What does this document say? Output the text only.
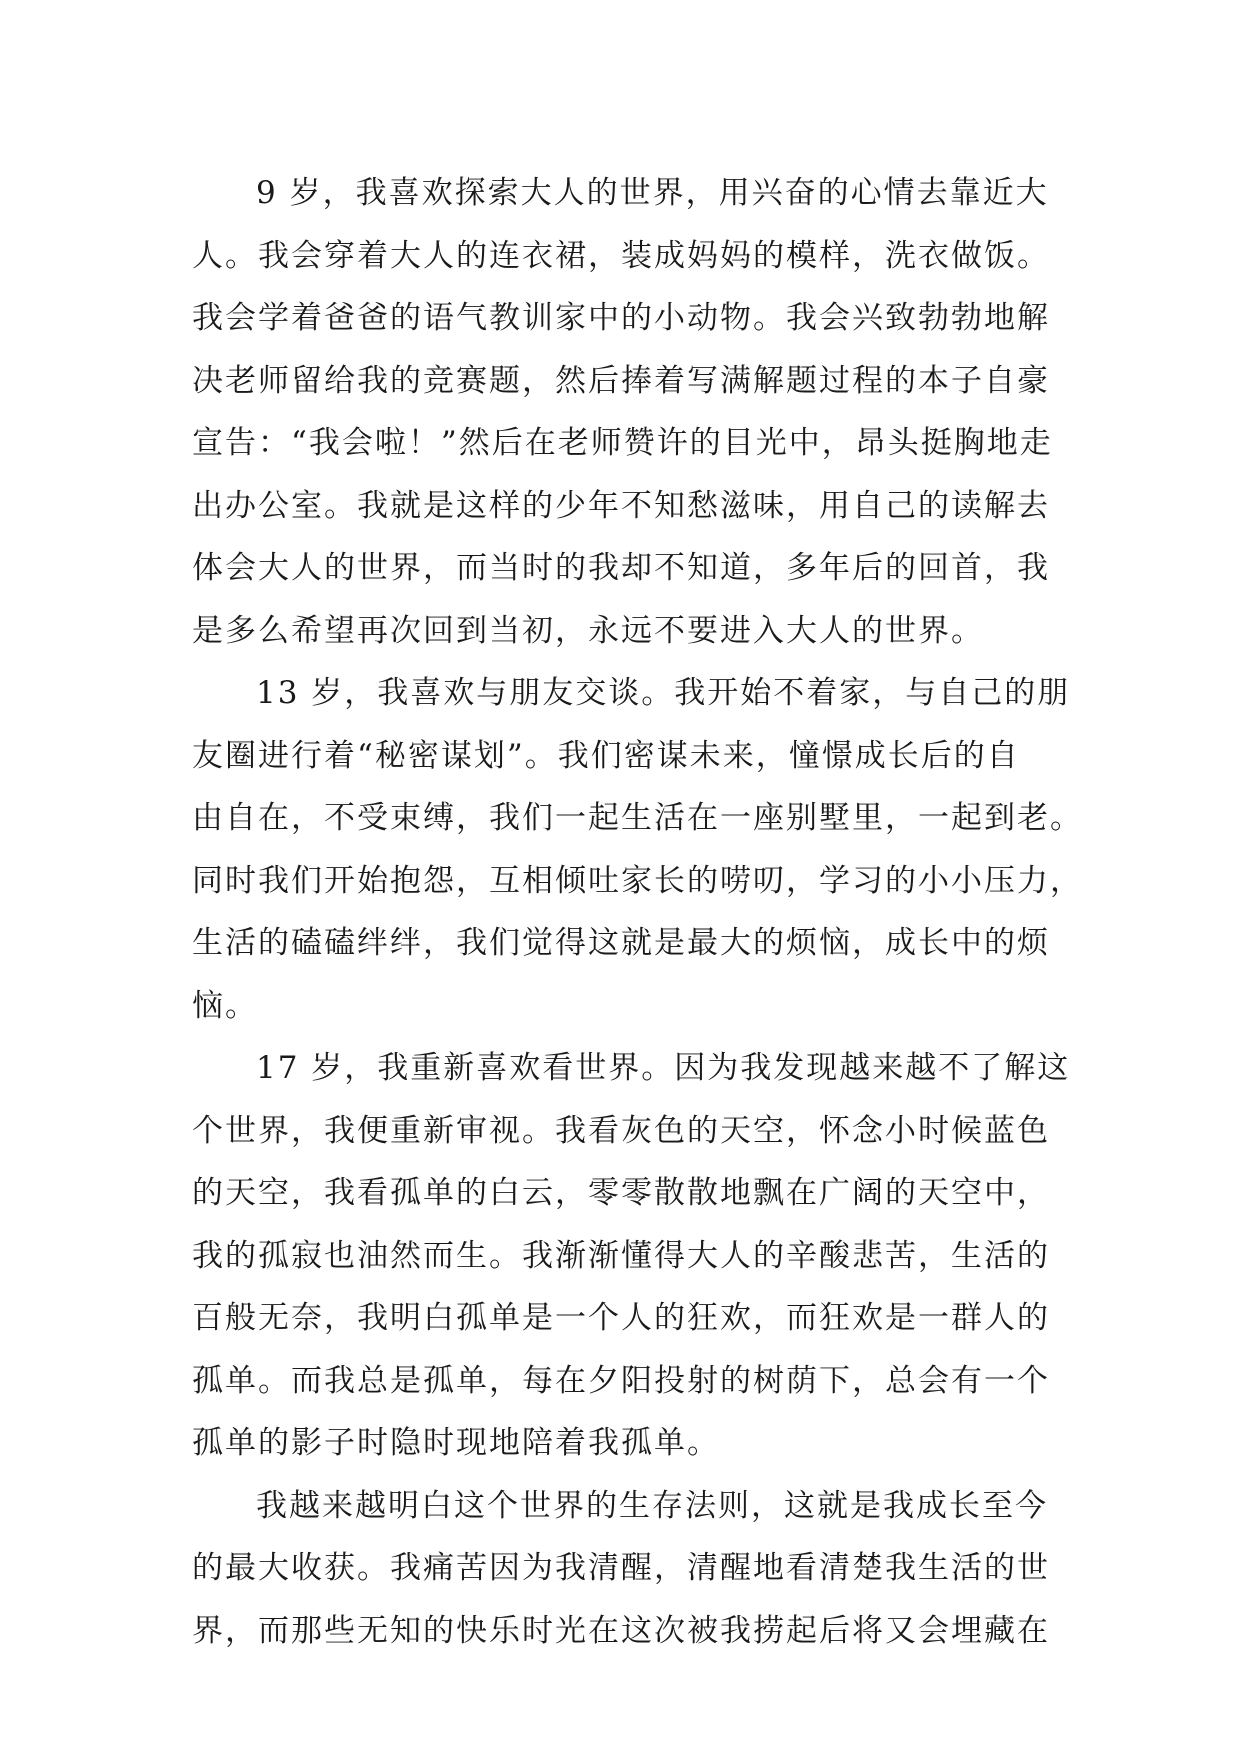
9 岁，我喜欢探索大人的世界，用兴奋的心情去靠近大
人。我会穿着大人的连衣裙，装成妈妈的模样，洗衣做饭。
我会学着爸爸的语气教训家中的小动物。我会兴致勃勃地解
决老师留给我的竞赛题，然后捧着写满解题过程的本子自豪
宣告：“我会啦！”然后在老师赞许的目光中，昂头挺胸地走
出办公室。我就是这样的少年不知愁滋味，用自己的读解去
体会大人的世界，而当时的我却不知道，多年后的回首，我
是多么希望再次回到当初，永远不要进入大人的世界。
13 岁，我喜欢与朋友交谈。我开始不着家，与自己的朋
友圈进行着“秘密谋划”。我们密谋未来，憧憬成长后的自
由自在，不受束缚，我们一起生活在一座别墅里，一起到老。
同时我们开始抱怨，互相倾吐家长的唠叨，学习的小小压力，
生活的磕磕绊绊，我们觉得这就是最大的烦恼，成长中的烦
恼。
17 岁，我重新喜欢看世界。因为我发现越来越不了解这
个世界，我便重新审视。我看灰色的天空，怀念小时候蓝色
的天空，我看孤单的白云，零零散散地飘在广阔的天空中，
我的孤寂也油然而生。我渐渐懂得大人的辛酸悲苦，生活的
百般无奈，我明白孤单是一个人的狂欢，而狂欢是一群人的
孤单。而我总是孤单，每在夕阳投射的树荫下，总会有一个
孤单的影子时隐时现地陪着我孤单。
我越来越明白这个世界的生存法则，这就是我成长至今
的最大收获。我痛苦因为我清醒，清醒地看清楚我生活的世
界，而那些无知的快乐时光在这次被我捞起后将又会埋藏在
